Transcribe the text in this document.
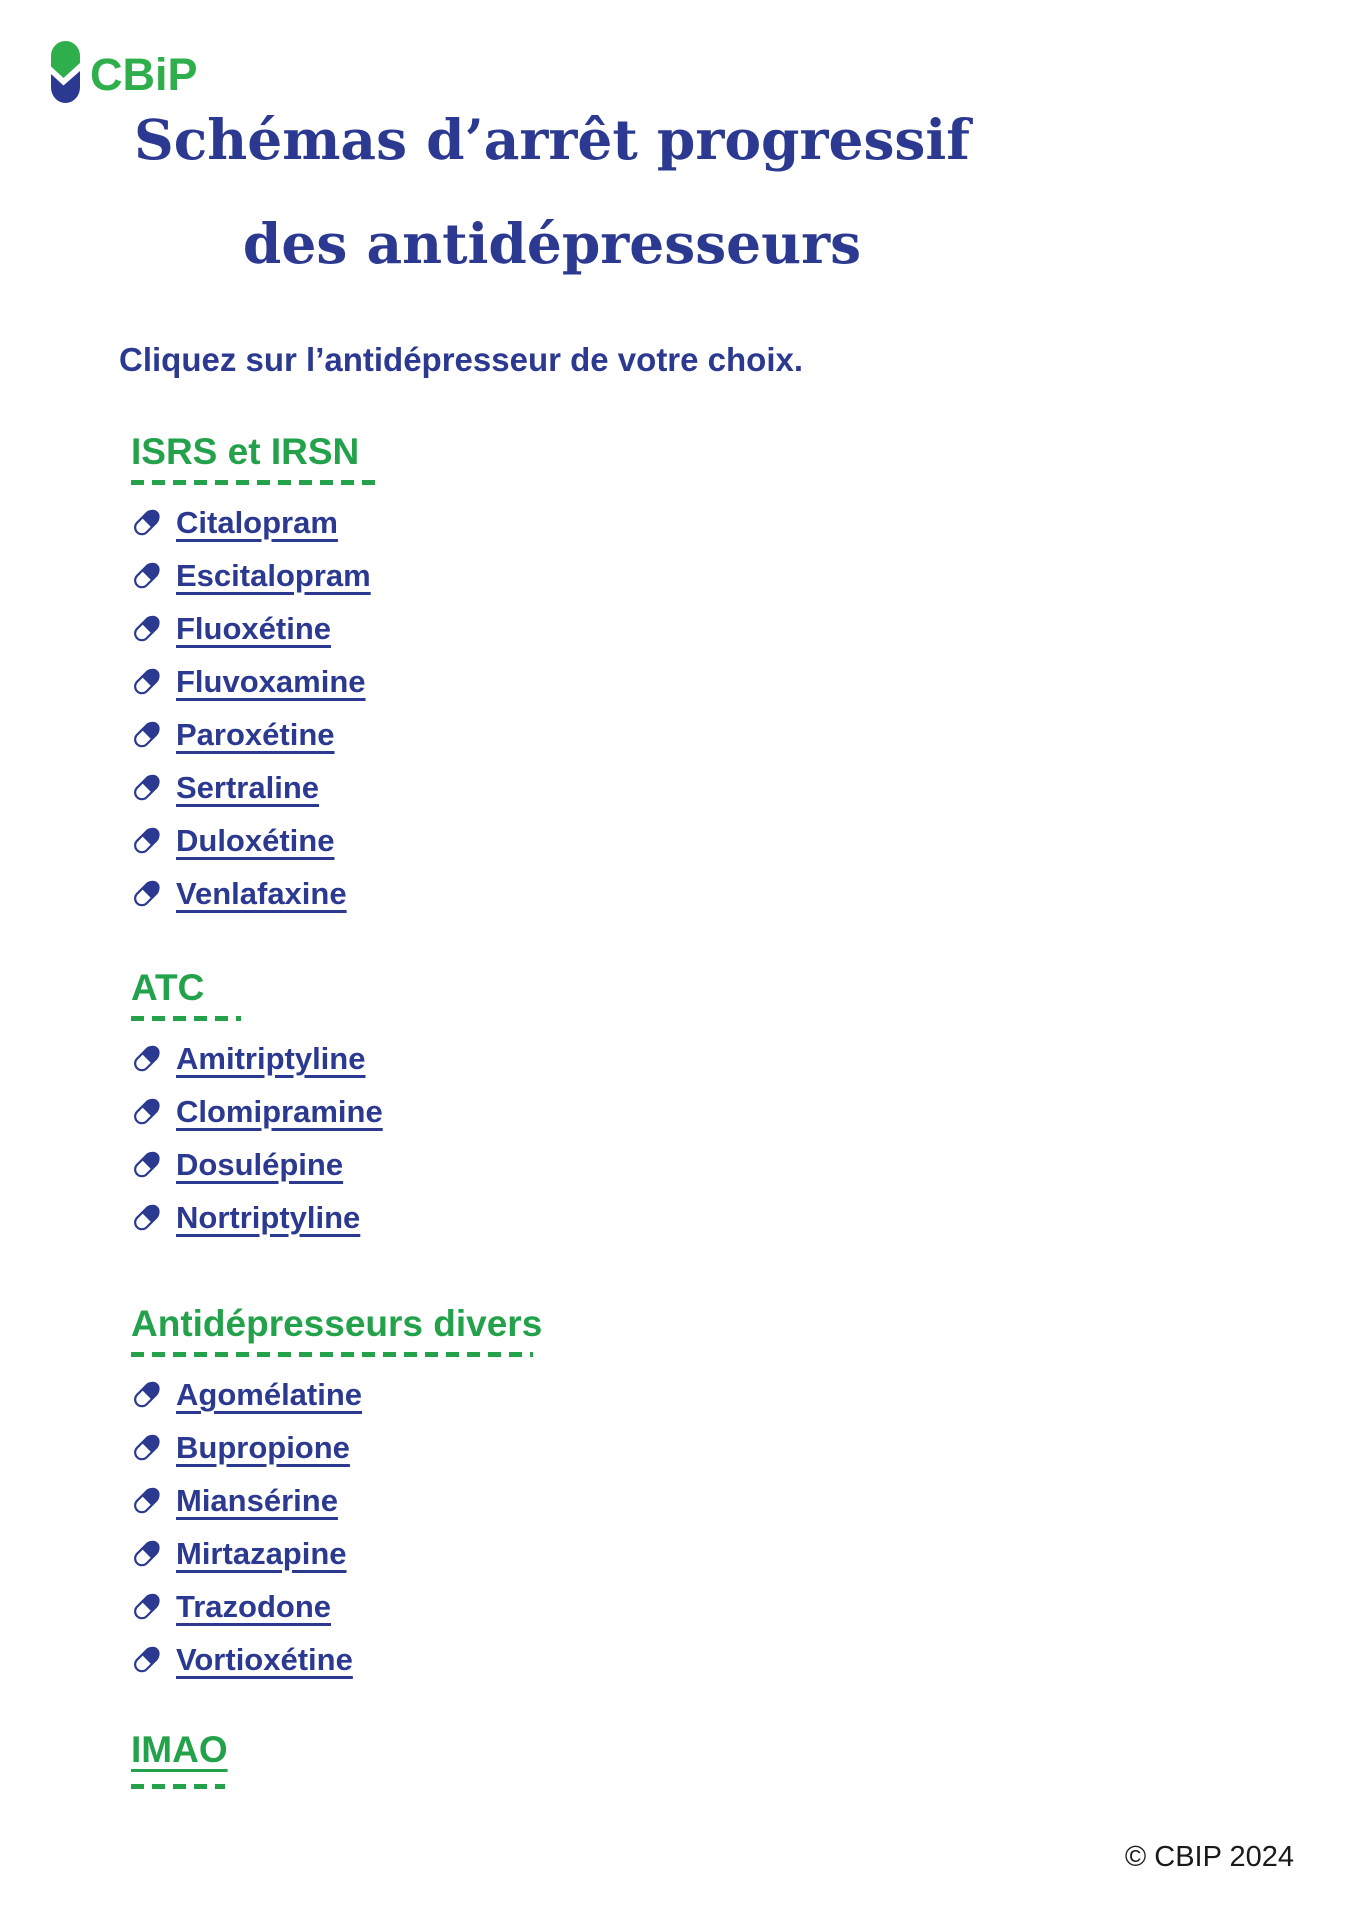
CBiP
Schémas d’arrêt progressif
des antidépresseurs
Cliquez sur l’antidépresseur de votre choix.
ISRS et IRSN
Citalopram
Escitalopram
Fluoxétine
Fluvoxamine
Paroxétine
Sertraline
Duloxétine
Venlafaxine
ATC
Amitriptyline
Clomipramine
Dosulépine
Nortriptyline
Antidépresseurs divers
Agomélatine
Bupropione
Miansérine
Mirtazapine
Trazodone
Vortioxétine
IMAO
© CBIP 2024
